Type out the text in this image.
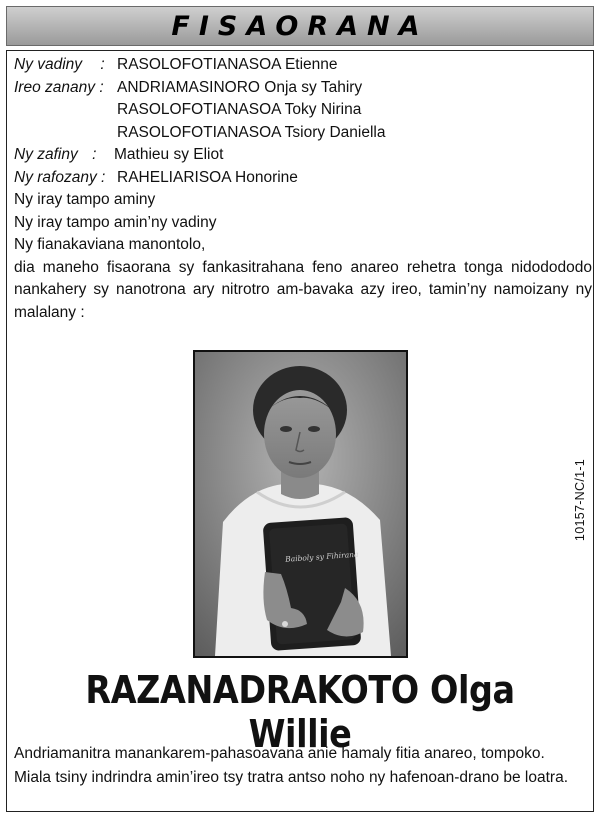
FISAORANA
Ny vadiny : RASOLOFOTIANASOA Etienne
Ireo zanany : ANDRIAMASINORO Onja sy Tahiry
RASOLOFOTIANASOA Toky Nirina
RASOLOFOTIANASOA Tsiory Daniella
Ny zafiny :	Mathieu sy Eliot
Ny rafozany : RAHELIARISOA Honorine
Ny iray tampo aminy
Ny iray tampo amin’ny vadiny
Ny fianakaviana manontolo,
dia maneho fisaorana sy fankasitrahana feno anareo rehetra tonga nidodododo nankahery sy nanotrona ary nitrotro am-bavaka azy ireo, tamin’ny namoizany ny malalany :
Baiboly sy Fihirana
10157-NC/1-1
RAZANADRAKOTO Olga Willie
Andriamanitra manankarem-pahasoavana anie hamaly fitia anareo, tompoko.
Miala tsiny indrindra amin’ireo tsy tratra antso noho ny hafenoan-drano be loatra.
